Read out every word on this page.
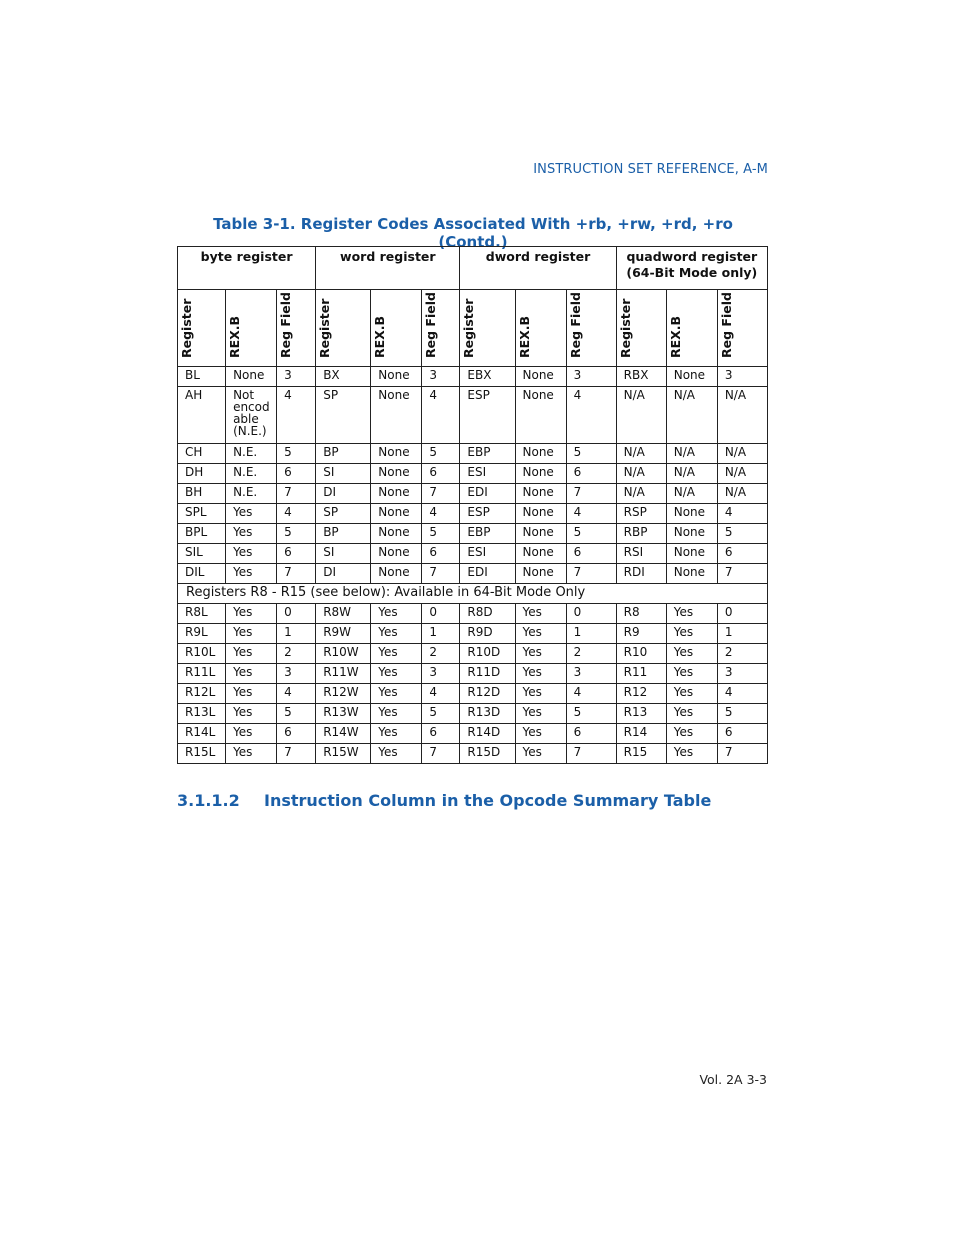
INSTRUCTION SET REFERENCE, A-M
Table 3-1. Register Codes Associated With +rb, +rw, +rd, +ro (Contd.)
byte register			word register			dword register			quadword register (64-Bit Mode only)		

Register	REX.B	Reg Field	Register	REX.B	Reg Field	Register	REX.B	Reg Field	Register	REX.B	Reg Field

BL	None	3	BX	None	3	EBX	None	3	RBX	None	3
AH	Not encod able (N.E.)	4	SP	None	4	ESP	None	4	N/A	N/A	N/A
CH	N.E.	5	BP	None	5	EBP	None	5	N/A	N/A	N/A
DH	N.E.	6	SI	None	6	ESI	None	6	N/A	N/A	N/A
BH	N.E.	7	DI	None	7	EDI	None	7	N/A	N/A	N/A
SPL	Yes	4	SP	None	4	ESP	None	4	RSP	None	4
BPL	Yes	5	BP	None	5	EBP	None	5	RBP	None	5
SIL	Yes	6	SI	None	6	ESI	None	6	RSI	None	6
DIL	Yes	7	DI	None	7	EDI	None	7	RDI	None	7
Registers R8 - R15 (see below): Available in 64-Bit Mode Only											
R8L	Yes	0	R8W	Yes	0	R8D	Yes	0	R8	Yes	0
R9L	Yes	1	R9W	Yes	1	R9D	Yes	1	R9	Yes	1
R10L	Yes	2	R10W	Yes	2	R10D	Yes	2	R10	Yes	2
R11L	Yes	3	R11W	Yes	3	R11D	Yes	3	R11	Yes	3
R12L	Yes	4	R12W	Yes	4	R12D	Yes	4	R12	Yes	4
R13L	Yes	5	R13W	Yes	5	R13D	Yes	5	R13	Yes	5
R14L	Yes	6	R14W	Yes	6	R14D	Yes	6	R14	Yes	6
R15L	Yes	7	R15W	Yes	7	R15D	Yes	7	R15	Yes	7
3.1.1.2 Instruction Column in the Opcode Summary Table
Vol. 2A 3-3
